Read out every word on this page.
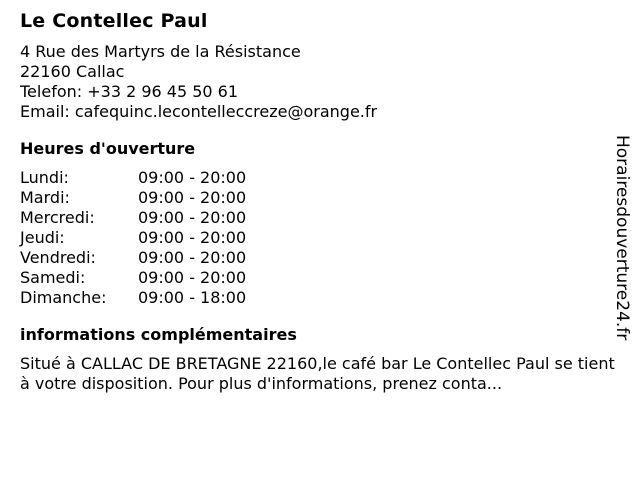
Le Contellec Paul
4 Rue des Martyrs de la Résistance
22160 Callac
Telefon: +33 2 96 45 50 61
Email: cafequinc.lecontelleccreze@orange.fr
Heures d'ouverture
Lundi:	09:00 - 20:00
Mardi:	09:00 - 20:00
Mercredi:	09:00 - 20:00
Jeudi:	09:00 - 20:00
Vendredi:	09:00 - 20:00
Samedi:	09:00 - 20:00
Dimanche:	09:00 - 18:00
informations complémentaires
Situé à CALLAC DE BRETAGNE 22160,le café bar Le Contellec Paul se tient à votre disposition. Pour plus d'informations, prenez conta...
Horairesdouverture24.fr
